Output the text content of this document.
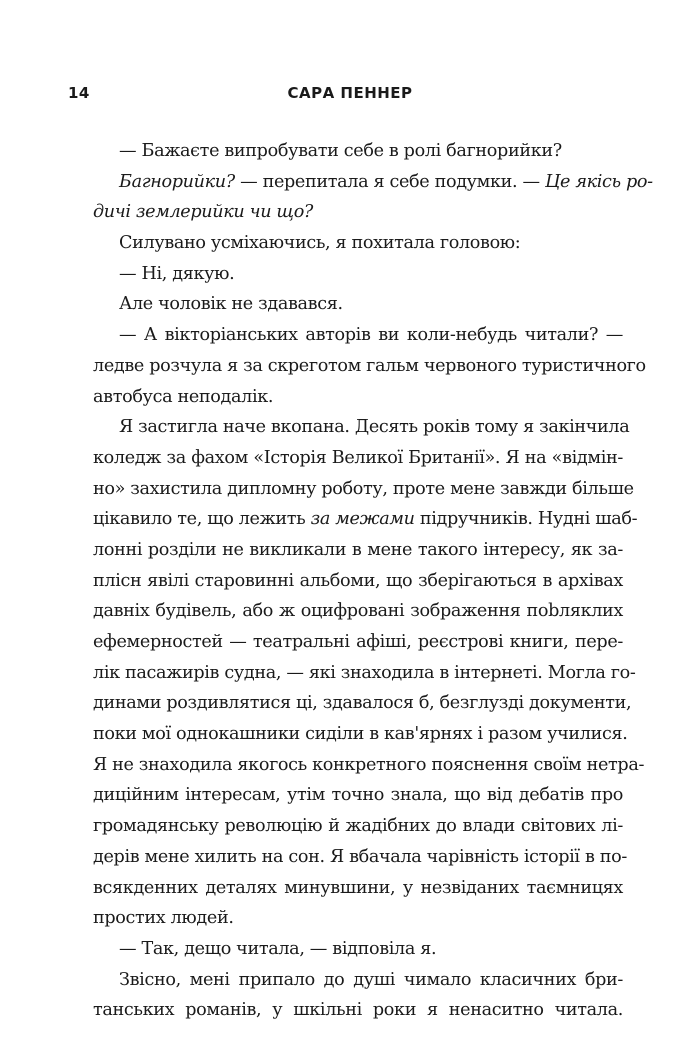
14	САРА ПЕННЕР
— Бажаєте випробувати себе в ролі багнорийки?
Багнорийки? — перепитала я себе подумки. — Це якісь ро-
дичі землерийки чи що?
Силувано усміхаючись, я похитала головою:
— Ні, дякую.
Але чоловік не здавався.
— А вікторіанських авторів ви коли-небудь читали? —
ледве розчула я за скреготом гальм червоного туристичного
автобуса неподалік.
Я застигла наче вкопана. Десять років тому я закінчила
коледж за фахом «Історія Великої Британії». Я на «відмін-
но» захистила дипломну роботу, проте мене завжди більше
цікавило те, що лежить за межами підручників. Нудні шаб-
лонні розділи не викликали в мене такого інтересу, як за-
плісн явілі старовинні альбоми, що зберігаються в архівах
давніх будівель, або ж оцифровані зображення пobляклих
ефемерностей — театральні афіші, реєстрові книги, пере-
лік пасажирів судна, — які знаходила в інтернеті. Могла го-
динами роздивлятися ці, здавалося б, безглузді документи,
поки мої однокашники сиділи в кав'ярнях і разом училися.
Я не знаходила якогось конкретного пояснення своїм нетра-
диційним інтересам, утім точно знала, що від дебатів про
громадянську революцію й жадібних до влади світових лі-
дерів мене хилить на сон. Я вбачала чарівність історії в по-
всякденних деталях минувшини, у незвіданих таємницях
простих людей.
— Так, дещо читала, — відповіла я.
Звісно, мені припало до душі чимало класичних бри-
танських романів, у шкільні роки я ненаситно читала.
